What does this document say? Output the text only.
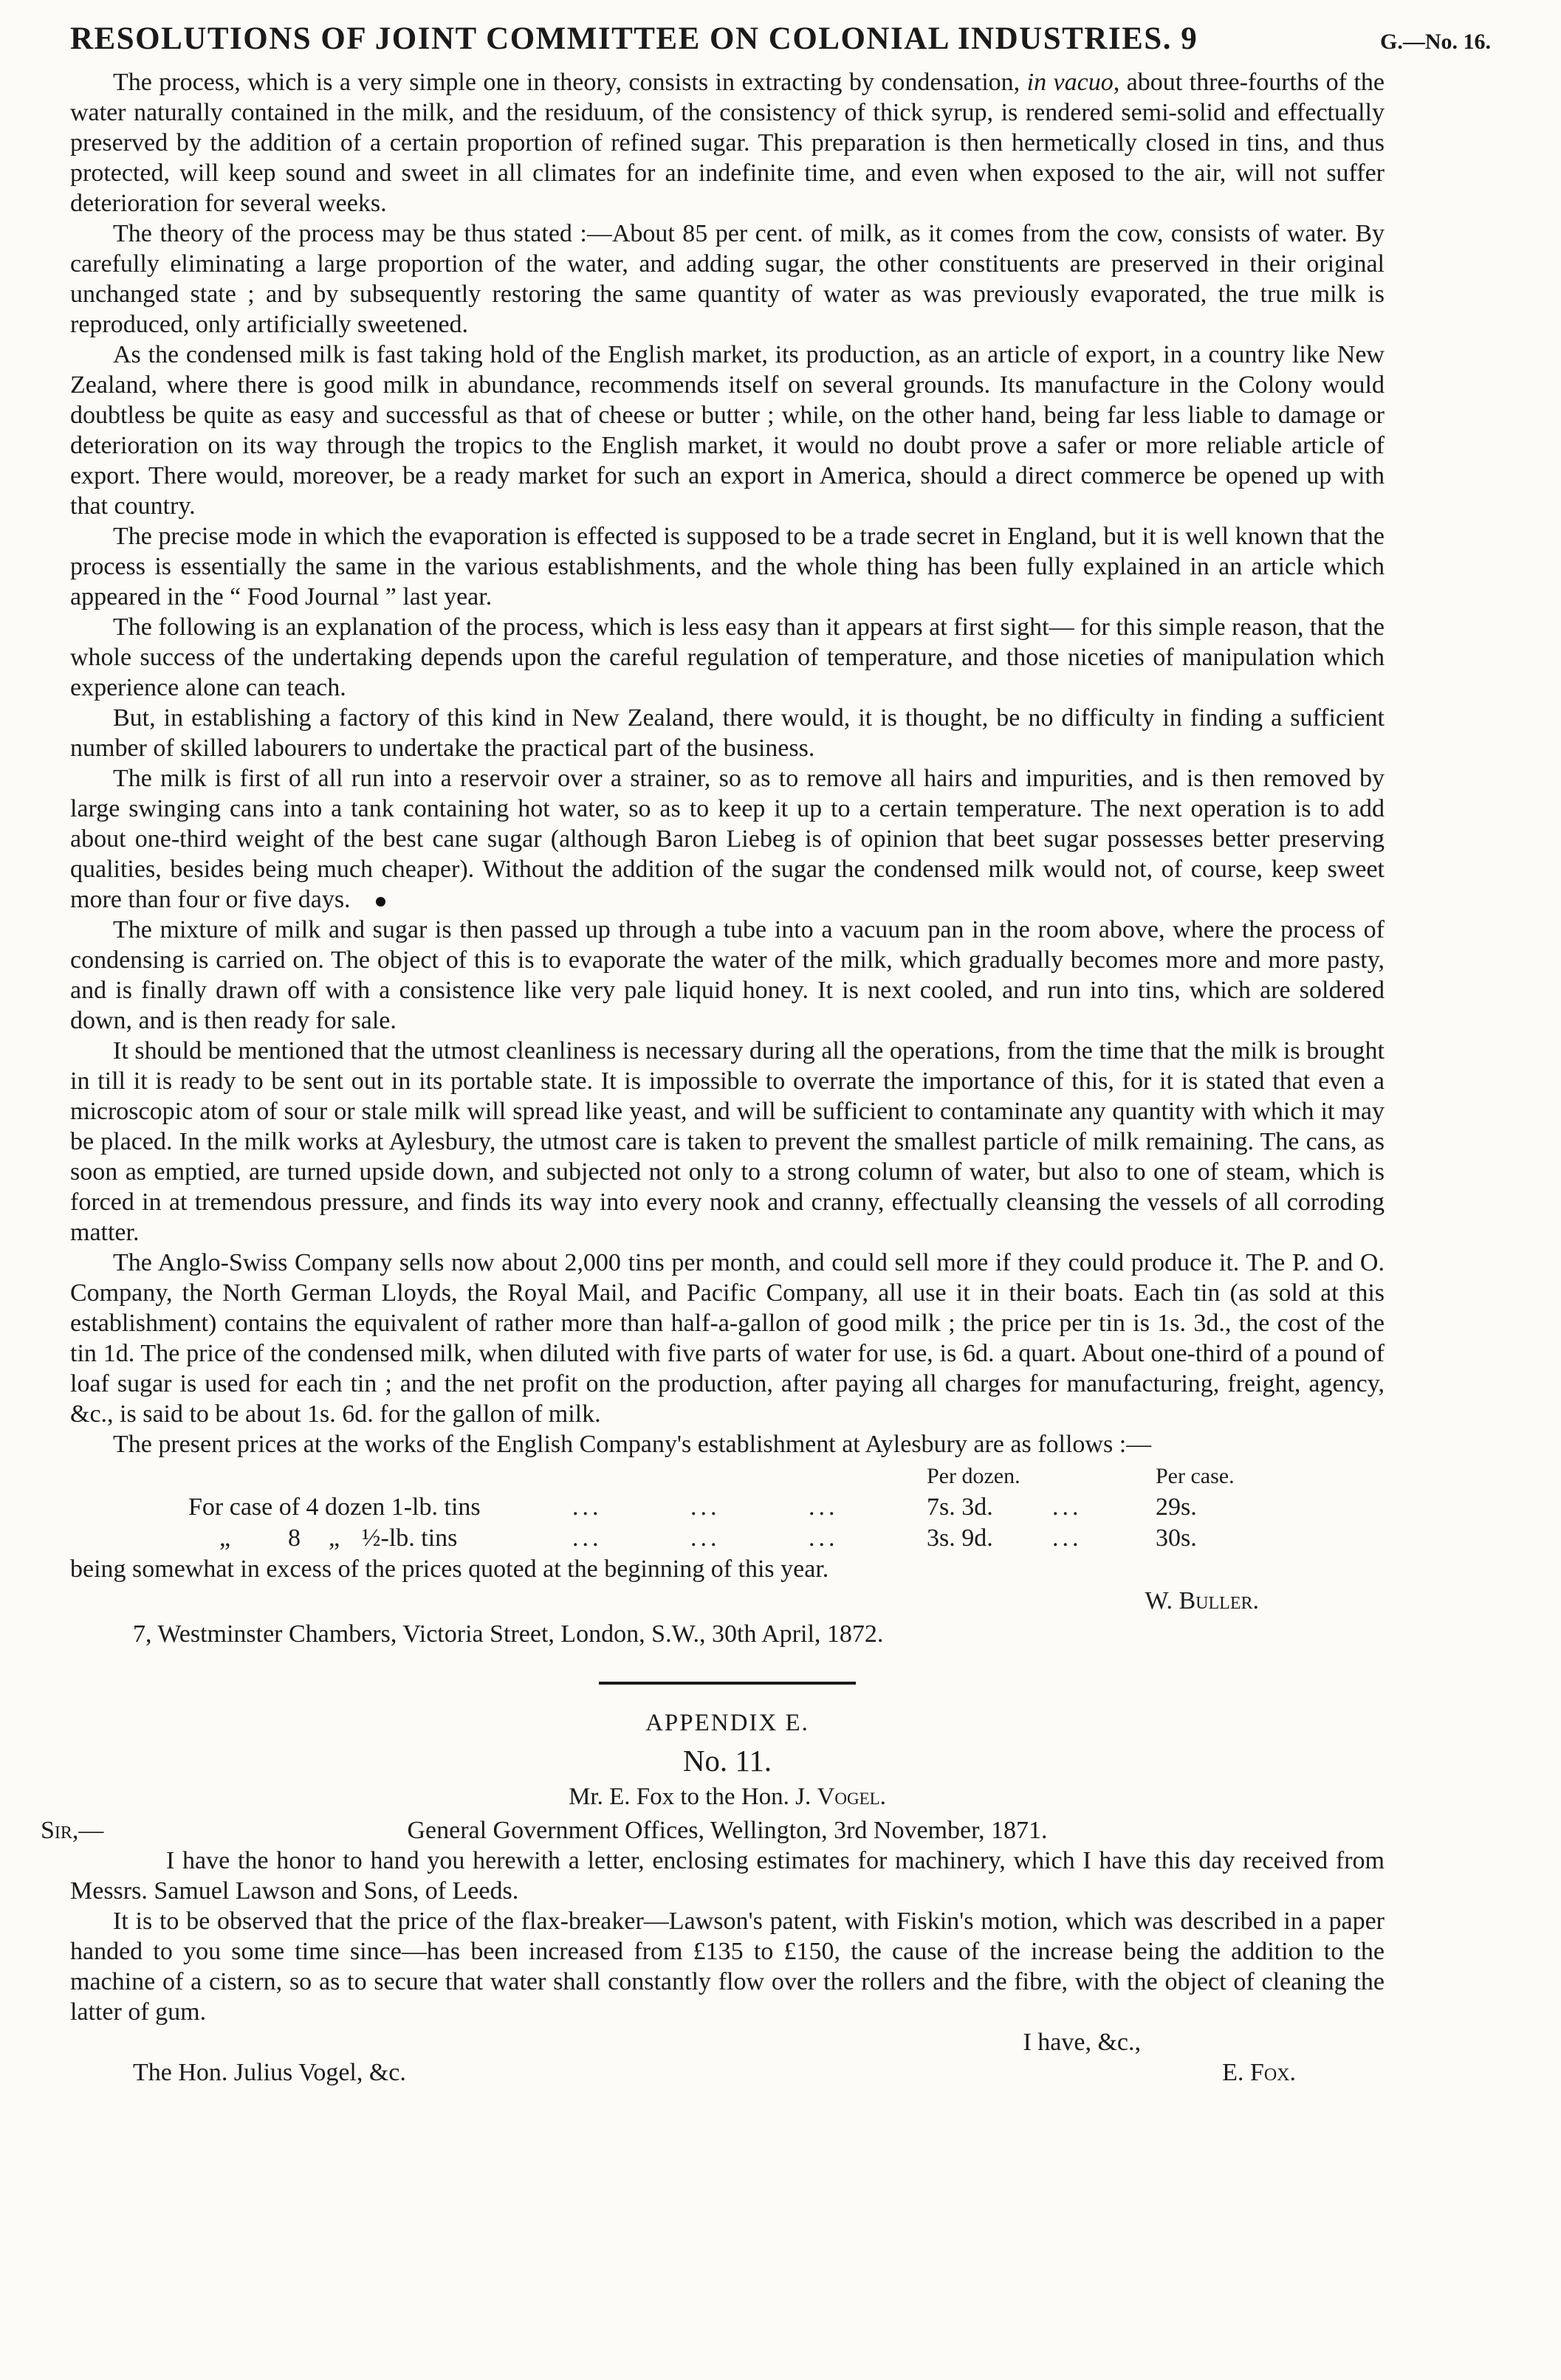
RESOLUTIONS OF JOINT COMMITTEE ON COLONIAL INDUSTRIES. 9	G.—No. 16.

The process, which is a very simple one in theory, consists in extracting by condensation, in vacuo, about three-fourths of the water naturally contained in the milk, and the residuum, of the consistency of thick syrup, is rendered semi-solid and effectually preserved by the addition of a certain proportion of refined sugar. This preparation is then hermetically closed in tins, and thus protected, will keep sound and sweet in all climates for an indefinite time, and even when exposed to the air, will not suffer deterioration for several weeks.

The theory of the process may be thus stated :—About 85 per cent. of milk, as it comes from the cow, consists of water. By carefully eliminating a large proportion of the water, and adding sugar, the other constituents are preserved in their original unchanged state ; and by subsequently restoring the same quantity of water as was previously evaporated, the true milk is reproduced, only artificially sweetened.

As the condensed milk is fast taking hold of the English market, its production, as an article of export, in a country like New Zealand, where there is good milk in abundance, recommends itself on several grounds. Its manufacture in the Colony would doubtless be quite as easy and successful as that of cheese or butter ; while, on the other hand, being far less liable to damage or deterioration on its way through the tropics to the English market, it would no doubt prove a safer or more reliable article of export. There would, moreover, be a ready market for such an export in America, should a direct commerce be opened up with that country.

The precise mode in which the evaporation is effected is supposed to be a trade secret in England, but it is well known that the process is essentially the same in the various establishments, and the whole thing has been fully explained in an article which appeared in the “ Food Journal ” last year.

The following is an explanation of the process, which is less easy than it appears at first sight— for this simple reason, that the whole success of the undertaking depends upon the careful regulation of temperature, and those niceties of manipulation which experience alone can teach.

But, in establishing a factory of this kind in New Zealand, there would, it is thought, be no difficulty in finding a sufficient number of skilled labourers to undertake the practical part of the business.

The milk is first of all run into a reservoir over a strainer, so as to remove all hairs and impurities, and is then removed by large swinging cans into a tank containing hot water, so as to keep it up to a certain temperature. The next operation is to add about one-third weight of the best cane sugar (although Baron Liebeg is of opinion that beet sugar possesses better preserving qualities, besides being much cheaper). Without the addition of the sugar the condensed milk would not, of course, keep sweet more than four or five days.

The mixture of milk and sugar is then passed up through a tube into a vacuum pan in the room above, where the process of condensing is carried on. The object of this is to evaporate the water of the milk, which gradually becomes more and more pasty, and is finally drawn off with a consistence like very pale liquid honey. It is next cooled, and run into tins, which are soldered down, and is then ready for sale.

It should be mentioned that the utmost cleanliness is necessary during all the operations, from the time that the milk is brought in till it is ready to be sent out in its portable state. It is impossible to overrate the importance of this, for it is stated that even a microscopic atom of sour or stale milk will spread like yeast, and will be sufficient to contaminate any quantity with which it may be placed. In the milk works at Aylesbury, the utmost care is taken to prevent the smallest particle of milk remaining. The cans, as soon as emptied, are turned upside down, and subjected not only to a strong column of water, but also to one of steam, which is forced in at tremendous pressure, and finds its way into every nook and cranny, effectually cleansing the vessels of all corroding matter.

The Anglo-Swiss Company sells now about 2,000 tins per month, and could sell more if they could produce it. The P. and O. Company, the North German Lloyds, the Royal Mail, and Pacific Company, all use it in their boats. Each tin (as sold at this establishment) contains the equivalent of rather more than half-a-gallon of good milk ; the price per tin is 1s. 3d., the cost of the tin 1d. The price of the condensed milk, when diluted with five parts of water for use, is 6d. a quart. About one-third of a pound of loaf sugar is used for each tin ; and the net profit on the production, after paying all charges for manufacturing, freight, agency, &c., is said to be about 1s. 6d. for the gallon of milk.

The present prices at the works of the English Company's establishment at Aylesbury are as follows :—

Per dozen.	Per case.
For case of 4 dozen 1-lb. tins	...	...	...	7s. 3d.	...	29s.
„ 8 „ ½-lb. tins	...	...	...	3s. 9d.	...	30s.

being somewhat in excess of the prices quoted at the beginning of this year.

W. Buller.

7, Westminster Chambers, Victoria Street, London, S.W., 30th April, 1872.

APPENDIX E.
No. 11.

Mr. E. Fox to the Hon. J. Vogel.

Sir,—	General Government Offices, Wellington, 3rd November, 1871.

I have the honor to hand you herewith a letter, enclosing estimates for machinery, which I have this day received from Messrs. Samuel Lawson and Sons, of Leeds.

It is to be observed that the price of the flax-breaker—Lawson's patent, with Fiskin's motion, which was described in a paper handed to you some time since—has been increased from £135 to £150, the cause of the increase being the addition to the machine of a cistern, so as to secure that water shall constantly flow over the rollers and the fibre, with the object of cleaning the latter of gum.

I have, &c.,

The Hon. Julius Vogel, &c.	E. Fox.
